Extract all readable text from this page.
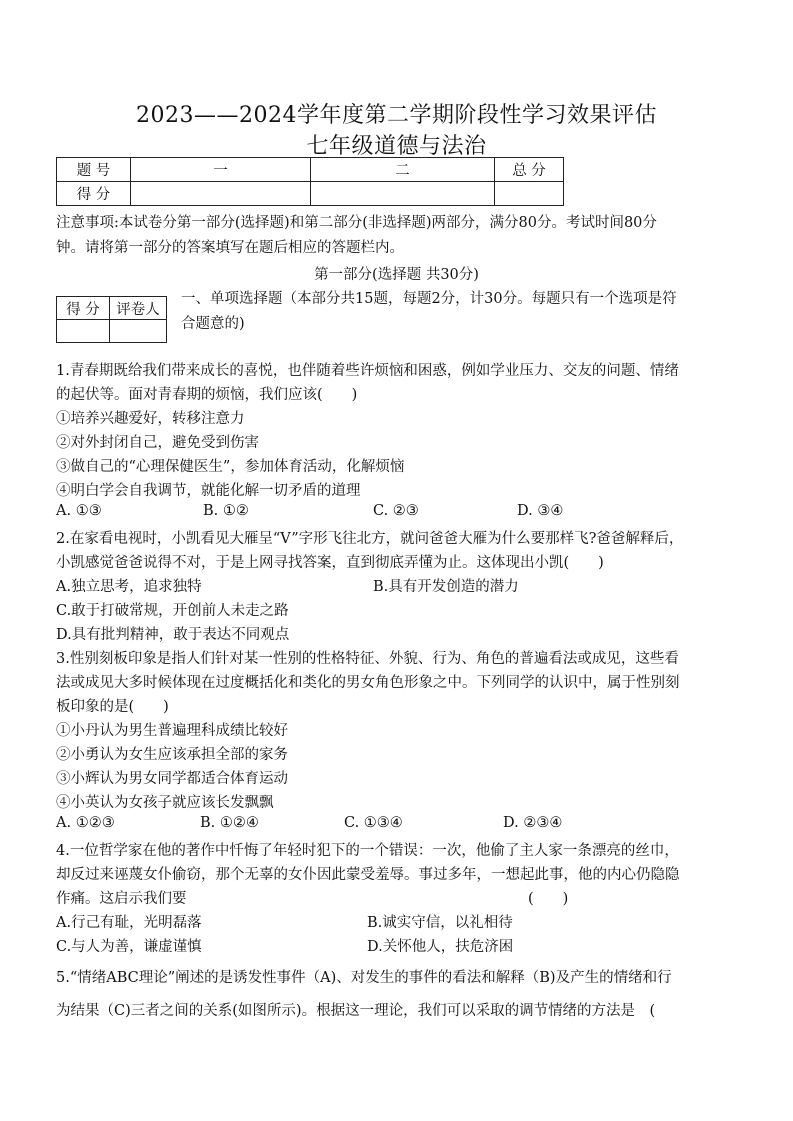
2023——2024学年度第二学期阶段性学习效果评估
七年级道德与法治
题 号	一	二	总 分
得 分			
注意事项:本试卷分第一部分(选择题)和第二部分(非选择题)两部分，满分80分。考试时间80分
钟。请将第一部分的答案填写在题后相应的答题栏内。
第一部分(选择题 共30分)
得 分	评卷人

一、单项选择题（本部分共15题，每题2分，计30分。每题只有一个选项是符
合题意的)
1.青春期既给我们带来成长的喜悦，也伴随着些许烦恼和困惑，例如学业压力、交友的问题、情绪
的起伏等。面对青春期的烦恼，我们应该(　　)
①培养兴趣爱好，转移注意力
②对外封闭自己，避免受到伤害
③做自己的“心理保健医生”，参加体育活动，化解烦恼
④明白学会自我调节，就能化解一切矛盾的道理
A. ①③	B. ①②	C. ②③	D. ③④
2.在家看电视时，小凯看见大雁呈“V”字形飞往北方，就问爸爸大雁为什么要那样飞?爸爸解释后，
小凯感觉爸爸说得不对，于是上网寻找答案，直到彻底弄懂为止。这体现出小凯(　　)
A.独立思考，追求独特	B.具有开发创造的潜力
C.敢于打破常规，开创前人未走之路
D.具有批判精神，敢于表达不同观点
3.性别刻板印象是指人们针对某一性别的性格特征、外貌、行为、角色的普遍看法或成见，这些看
法或成见大多时候体现在过度概括化和类化的男女角色形象之中。下列同学的认识中，属于性别刻
板印象的是(　　)
①小丹认为男生普遍理科成绩比较好
②小勇认为女生应该承担全部的家务
③小辉认为男女同学都适合体育运动
④小英认为女孩子就应该长发飘飘
A. ①②③	B. ①②④	C. ①③④	D. ②③④
4.一位哲学家在他的著作中忏悔了年轻时犯下的一个错误：一次，他偷了主人家一条漂亮的丝巾，
却反过来诬蔑女仆偷窃，那个无辜的女仆因此蒙受羞辱。事过多年，一想起此事，他的内心仍隐隐
作痛。这启示我们要	(　　)
A.行己有耻，光明磊落	B.诚实守信，以礼相待
C.与人为善，谦虚谨慎	D.关怀他人，扶危济困
5.“情绪ABC理论”阐述的是诱发性事件（A)、对发生的事件的看法和解释（B)及产生的情绪和行
为结果（C)三者之间的关系(如图所示)。根据这一理论，我们可以采取的调节情绪的方法是　(
